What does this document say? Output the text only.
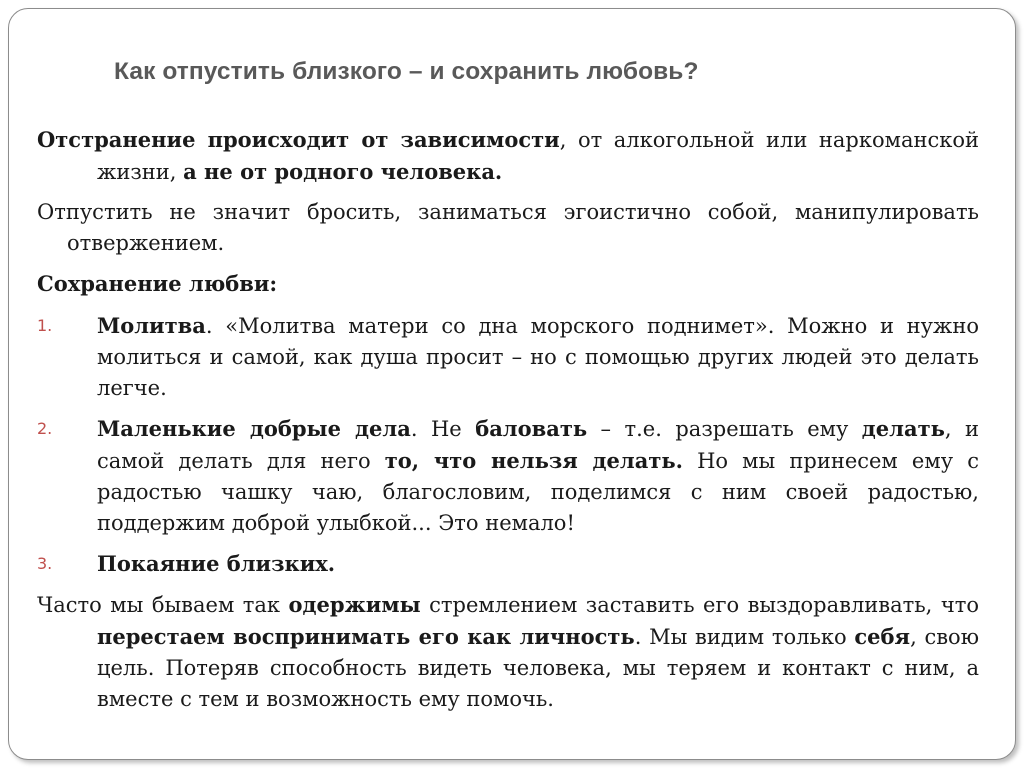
Как отпустить близкого – и сохранить любовь?

Отстранение происходит от зависимости, от алкогольной или наркоманской жизни, а не от родного человека.

Отпустить не значит бросить, заниматься эгоистично собой, манипулировать отвержением.

Сохранение любви:

1. Молитва. «Молитва матери со дна морского поднимет». Можно и нужно молиться и самой, как душа просит – но с помощью других людей это делать легче.
2. Маленькие добрые дела. Не баловать – т.е. разрешать ему делать, и самой делать для него то, что нельзя делать. Но мы принесем ему с радостью чашку чаю, благословим, поделимся с ним своей радостью, поддержим доброй улыбкой... Это немало!
3. Покаяние близких.

Часто мы бываем так одержимы стремлением заставить его выздоравливать, что перестаем воспринимать его как личность. Мы видим только себя, свою цель. Потеряв способность видеть человека, мы теряем и контакт с ним, а вместе с тем и возможность ему помочь.
